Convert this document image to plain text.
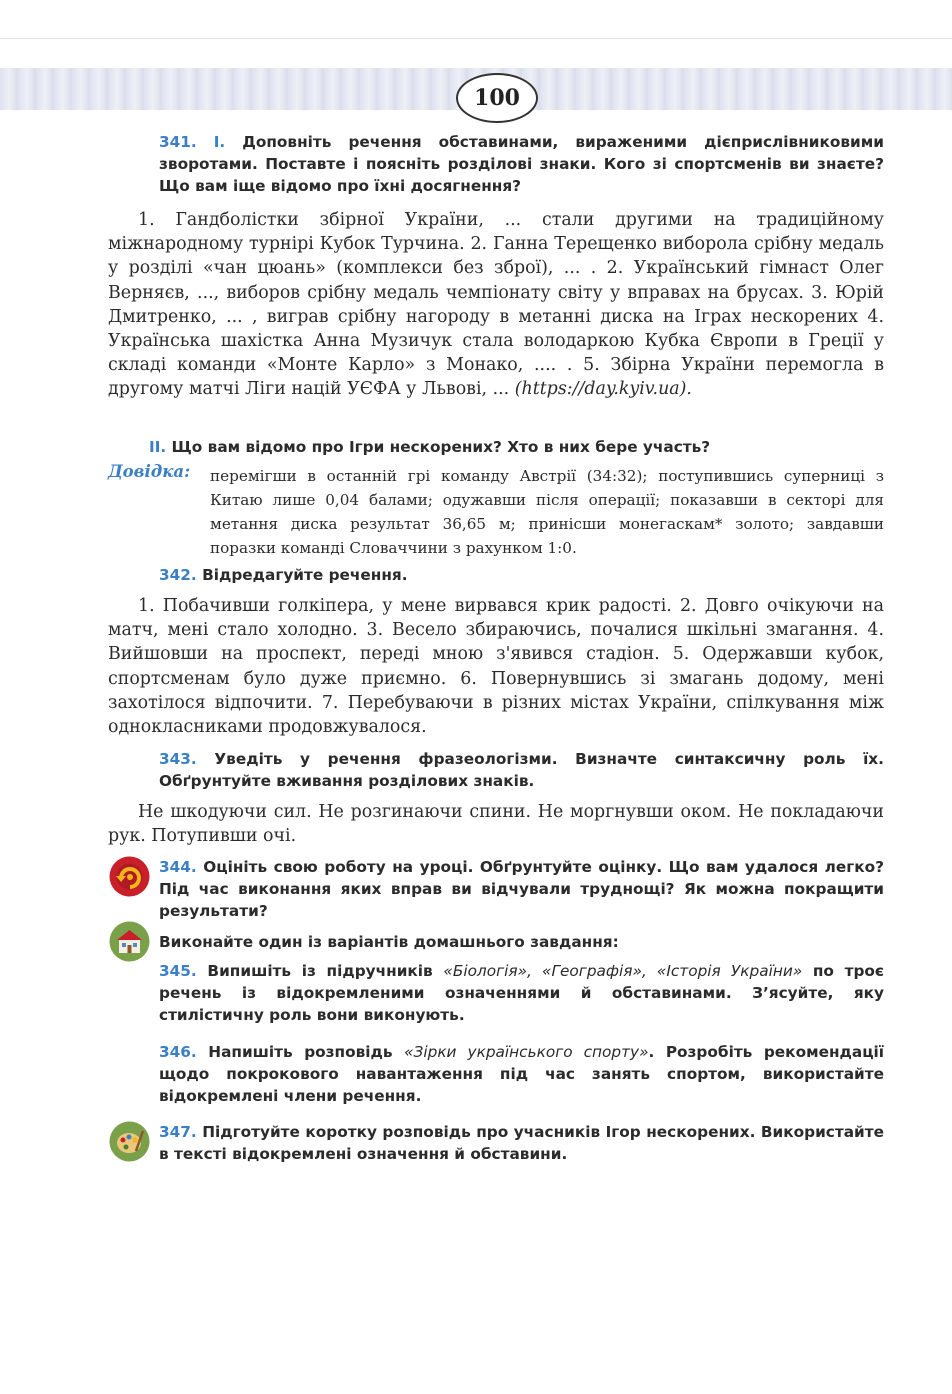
100
341. I. Доповніть речення обставинами, вираженими дієприслівниковими зворотами. Поставте і поясніть розділові знаки. Кого зі спортсменів ви знаєте? Що вам іще відомо про їхні досягнення?
1. Гандболістки збірної України, ... стали другими на традиційному міжнародному турнірі Кубок Турчина. 2. Ганна Терещенко виборола срібну медаль у розділі «чан цюань» (комплекси без зброї), ... . 2. Український гімнаст Олег Верняєв, ..., виборов срібну медаль чемпіонату світу у вправах на брусах. 3. Юрій Дмитренко, ... , виграв срібну нагороду в метанні диска на Іграх нескорених 4. Українська шахістка Анна Музичук стала володаркою Кубка Європи в Греції у складі команди «Монте Карло» з Монако, .... . 5. Збірна України перемогла в другому матчі Ліги націй УЄФА у Львові, ... (https://day.kyiv.ua).
II. Що вам відомо про Ігри нескорених? Хто в них бере участь?
Довідка: перемігши в останній грі команду Австрії (34:32); поступившись суперниці з Китаю лише 0,04 балами; одужавши після операції; показавши в секторі для метання диска результат 36,65 м; принісши монегаскам* золото; завдавши поразки команді Словаччини з рахунком 1:0.
342. Відредагуйте речення.
1. Побачивши голкіпера, у мене вирвався крик радості. 2. Довго очікуючи на матч, мені стало холодно. 3. Весело збираючись, почалися шкільні змагання. 4. Вийшовши на проспект, переді мною з'явився стадіон. 5. Одержавши кубок, спортсменам було дуже приємно. 6. Повернувшись зі змагань додому, мені захотілося відпочити. 7. Перебуваючи в різних містах України, спілкування між однокласниками продовжувалося.
343. Уведіть у речення фразеологізми. Визначте синтаксичну роль їх. Обґрунтуйте вживання розділових знаків.
Не шкодуючи сил. Не розгинаючи спини. Не моргнувши оком. Не покладаючи рук. Потупивши очі.
344. Оцініть свою роботу на уроці. Обґрунтуйте оцінку. Що вам удалося легко? Під час виконання яких вправ ви відчували труднощі? Як можна покращити результати?
Виконайте один із варіантів домашнього завдання:
345. Випишіть із підручників «Біологія», «Географія», «Історія України» по троє речень із відокремленими означеннями й обставинами. З’ясуйте, яку стилістичну роль вони виконують.
346. Напишіть розповідь «Зірки українського спорту». Розробіть рекомендації щодо покрокового навантаження під час занять спортом, використайте відокремлені члени речення.
347. Підготуйте коротку розповідь про учасників Ігор нескорених. Використайте в тексті відокремлені означення й обставини.
